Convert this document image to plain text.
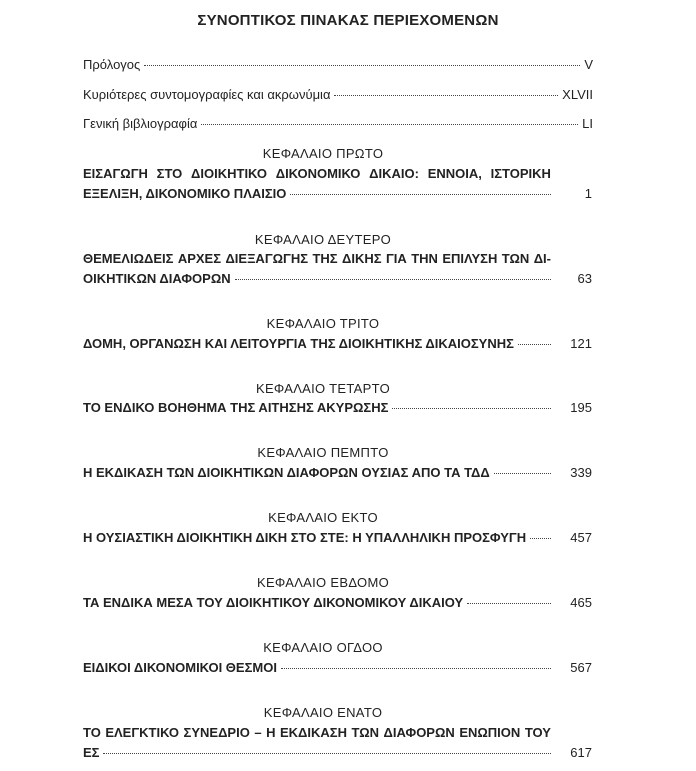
ΣΥΝΟΠΤΙΚΟΣ ΠΙΝΑΚΑΣ ΠΕΡΙΕΧΟΜΕΝΩΝ
Πρόλογος	V
Κυριότερες συντομογραφίες και ακρωνύμια	XLVII
Γενική βιβλιογραφία	LI
ΚΕΦΑΛΑΙΟ ΠΡΩΤΟ
ΕΙΣΑΓΩΓΗ ΣΤΟ ΔΙΟΙΚΗΤΙΚΟ ΔΙΚΟΝΟΜΙΚΟ ΔΙΚΑΙΟ: ΕΝΝΟΙΑ, ΙΣΤΟΡΙΚΗ
ΕΞΕΛΙΞΗ, ΔΙΚΟΝΟΜΙΚΟ ΠΛΑΙΣΙΟ	1
ΚΕΦΑΛΑΙΟ ΔΕΥΤΕΡΟ
ΘΕΜΕΛΙΩΔΕΙΣ ΑΡΧΕΣ ΔΙΕΞΑΓΩΓΗΣ ΤΗΣ ΔΙΚΗΣ ΓΙΑ ΤΗΝ ΕΠΙΛΥΣΗ ΤΩΝ ΔΙ-
ΟΙΚΗΤΙΚΩΝ ΔΙΑΦΟΡΩΝ	63
ΚΕΦΑΛΑΙΟ ΤΡΙΤΟ
ΔΟΜΗ, ΟΡΓΑΝΩΣΗ ΚΑΙ ΛΕΙΤΟΥΡΓΙΑ ΤΗΣ ΔΙΟΙΚΗΤΙΚΗΣ ΔΙΚΑΙΟΣΥΝΗΣ	121
ΚΕΦΑΛΑΙΟ ΤΕΤΑΡΤΟ
ΤΟ ΕΝΔΙΚΟ ΒΟΗΘΗΜΑ ΤΗΣ ΑΙΤΗΣΗΣ ΑΚΥΡΩΣΗΣ	195
ΚΕΦΑΛΑΙΟ ΠΕΜΠΤΟ
Η ΕΚΔΙΚΑΣΗ ΤΩΝ ΔΙΟΙΚΗΤΙΚΩΝ ΔΙΑΦΟΡΩΝ ΟΥΣΙΑΣ ΑΠΟ ΤΑ ΤΔΔ	339
ΚΕΦΑΛΑΙΟ ΕΚΤΟ
Η ΟΥΣΙΑΣΤΙΚΗ ΔΙΟΙΚΗΤΙΚΗ ΔΙΚΗ ΣΤΟ ΣΤΕ: Η ΥΠΑΛΛΗΛΙΚΗ ΠΡΟΣΦΥΓΗ	457
ΚΕΦΑΛΑΙΟ ΕΒΔΟΜΟ
ΤΑ ΕΝΔΙΚΑ ΜΕΣΑ ΤΟΥ ΔΙΟΙΚΗΤΙΚΟΥ ΔΙΚΟΝΟΜΙΚΟΥ ΔΙΚΑΙΟΥ	465
ΚΕΦΑΛΑΙΟ ΟΓΔΟΟ
ΕΙΔΙΚΟΙ ΔΙΚΟΝΟΜΙΚΟΙ ΘΕΣΜΟΙ	567
ΚΕΦΑΛΑΙΟ ΕΝΑΤΟ
ΤΟ ΕΛΕΓΚΤΙΚΟ ΣΥΝΕΔΡΙΟ – Η ΕΚΔΙΚΑΣΗ ΤΩΝ ΔΙΑΦΟΡΩΝ ΕΝΩΠΙΟΝ ΤΟΥ
ΕΣ	617
